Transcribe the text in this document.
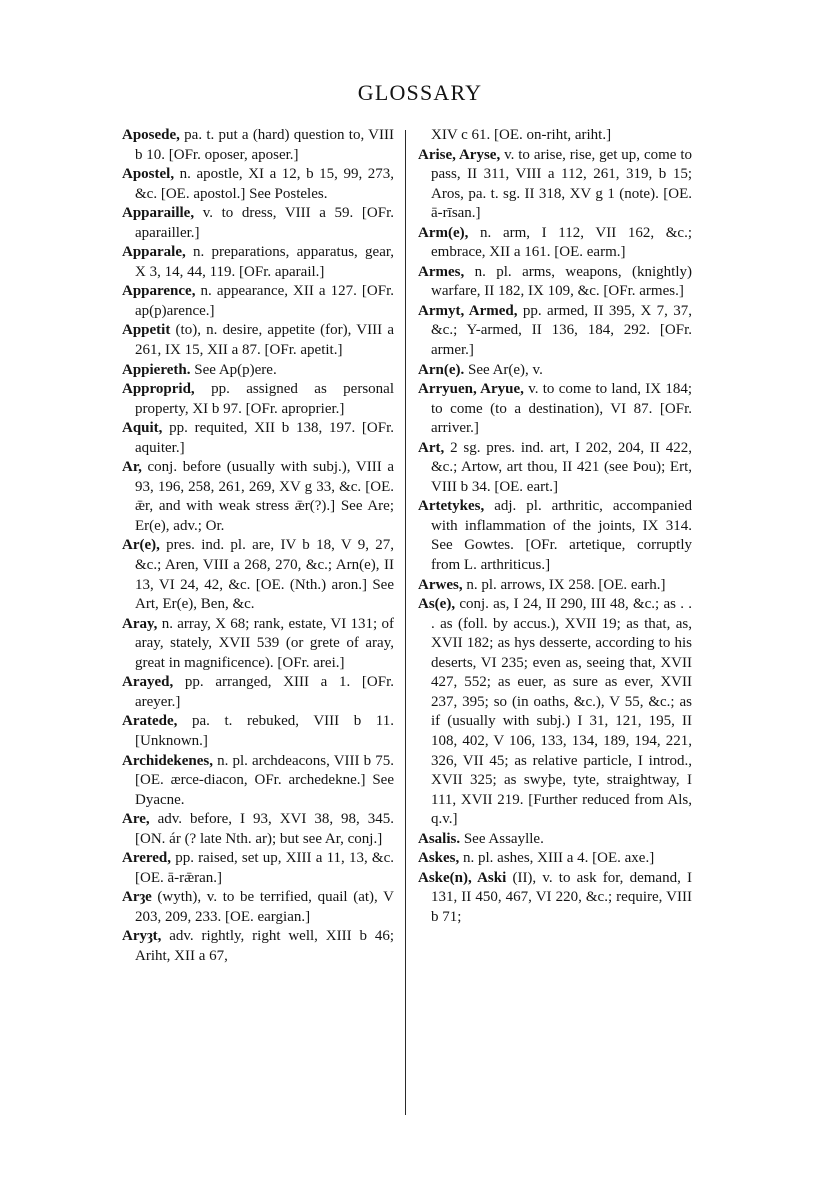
GLOSSARY

Aposede, pa. t. put a (hard) question to, VIII b 10. [OFr. oposer, aposer.]

Apostel, n. apostle, XI a 12, b 15, 99, 273, &c. [OE. apostol.] See Posteles.

Apparaille, v. to dress, VIII a 59. [OFr. aparailler.]

Apparale, n. preparations, apparatus, gear, X 3, 14, 44, 119. [OFr. aparail.]

Apparence, n. appearance, XII a 127. [OFr. ap(p)arence.]

Appetit (to), n. desire, appetite (for), VIII a 261, IX 15, XII a 87. [OFr. apetit.]

Appiereth. See Ap(p)ere.

Approprid, pp. assigned as personal property, XI b 97. [OFr. aproprier.]

Aquit, pp. requited, XII b 138, 197. [OFr. aquiter.]

Ar, conj. before (usually with subj.), VIII a 93, 196, 258, 261, 269, XV g 33, &c. [OE. ǣr, and with weak stress ǣr(?).] See Are; Er(e), adv.; Or.

Ar(e), pres. ind. pl. are, IV b 18, V 9, 27, &c.; Aren, VIII a 268, 270, &c.; Arn(e), II 13, VI 24, 42, &c. [OE. (Nth.) aron.] See Art, Er(e), Ben, &c.

Aray, n. array, X 68; rank, estate, VI 131; of aray, stately, XVII 539 (or grete of aray, great in magnificence). [OFr. arei.]

Arayed, pp. arranged, XIII a 1. [OFr. areyer.]

Aratede, pa. t. rebuked, VIII b 11. [Unknown.]

Archidekenes, n. pl. archdeacons, VIII b 75. [OE. ærce-diacon, OFr. archedekne.] See Dyacne.

Are, adv. before, I 93, XVI 38, 98, 345. [ON. ár (? late Nth. ar); but see Ar, conj.]

Arered, pp. raised, set up, XIII a 11, 13, &c. [OE. ā-rǣran.]

Arȝe (wyth), v. to be terrified, quail (at), V 203, 209, 233. [OE. eargian.]

Aryȝt, adv. rightly, right well, XIII b 46; Ariht, XII a 67,

XIV c 61. [OE. on-riht, ariht.]

Arise, Aryse, v. to arise, rise, get up, come to pass, II 311, VIII a 112, 261, 319, b 15; Aros, pa. t. sg. II 318, XV g 1 (note). [OE. ā-rīsan.]

Arm(e), n. arm, I 112, VII 162, &c.; embrace, XII a 161. [OE. earm.]

Armes, n. pl. arms, weapons, (knightly) warfare, II 182, IX 109, &c. [OFr. armes.]

Armyt, Armed, pp. armed, II 395, X 7, 37, &c.; Y-armed, II 136, 184, 292. [OFr. armer.]

Arn(e). See Ar(e), v.

Arryuen, Aryue, v. to come to land, IX 184; to come (to a destination), VI 87. [OFr. arriver.]

Art, 2 sg. pres. ind. art, I 202, 204, II 422, &c.; Artow, art thou, II 421 (see Þou); Ert, VIII b 34. [OE. eart.]

Artetykes, adj. pl. arthritic, accompanied with inflammation of the joints, IX 314. See Gowtes. [OFr. artetique, corruptly from L. arthriticus.]

Arwes, n. pl. arrows, IX 258. [OE. earh.]

As(e), conj. as, I 24, II 290, III 48, &c.; as . . . as (foll. by accus.), XVII 19; as that, as, XVII 182; as hys desserte, according to his deserts, VI 235; even as, seeing that, XVII 427, 552; as euer, as sure as ever, XVII 237, 395; so (in oaths, &c.), V 55, &c.; as if (usually with subj.) I 31, 121, 195, II 108, 402, V 106, 133, 134, 189, 194, 221, 326, VII 45; as relative particle, I introd., XVII 325; as swyþe, tyte, straightway, I 111, XVII 219. [Further reduced from Als, q.v.]

Asalis. See Assaylle.

Askes, n. pl. ashes, XIII a 4. [OE. axe.]

Aske(n), Aski (II), v. to ask for, demand, I 131, II 450, 467, VI 220, &c.; require, VIII b 71;
